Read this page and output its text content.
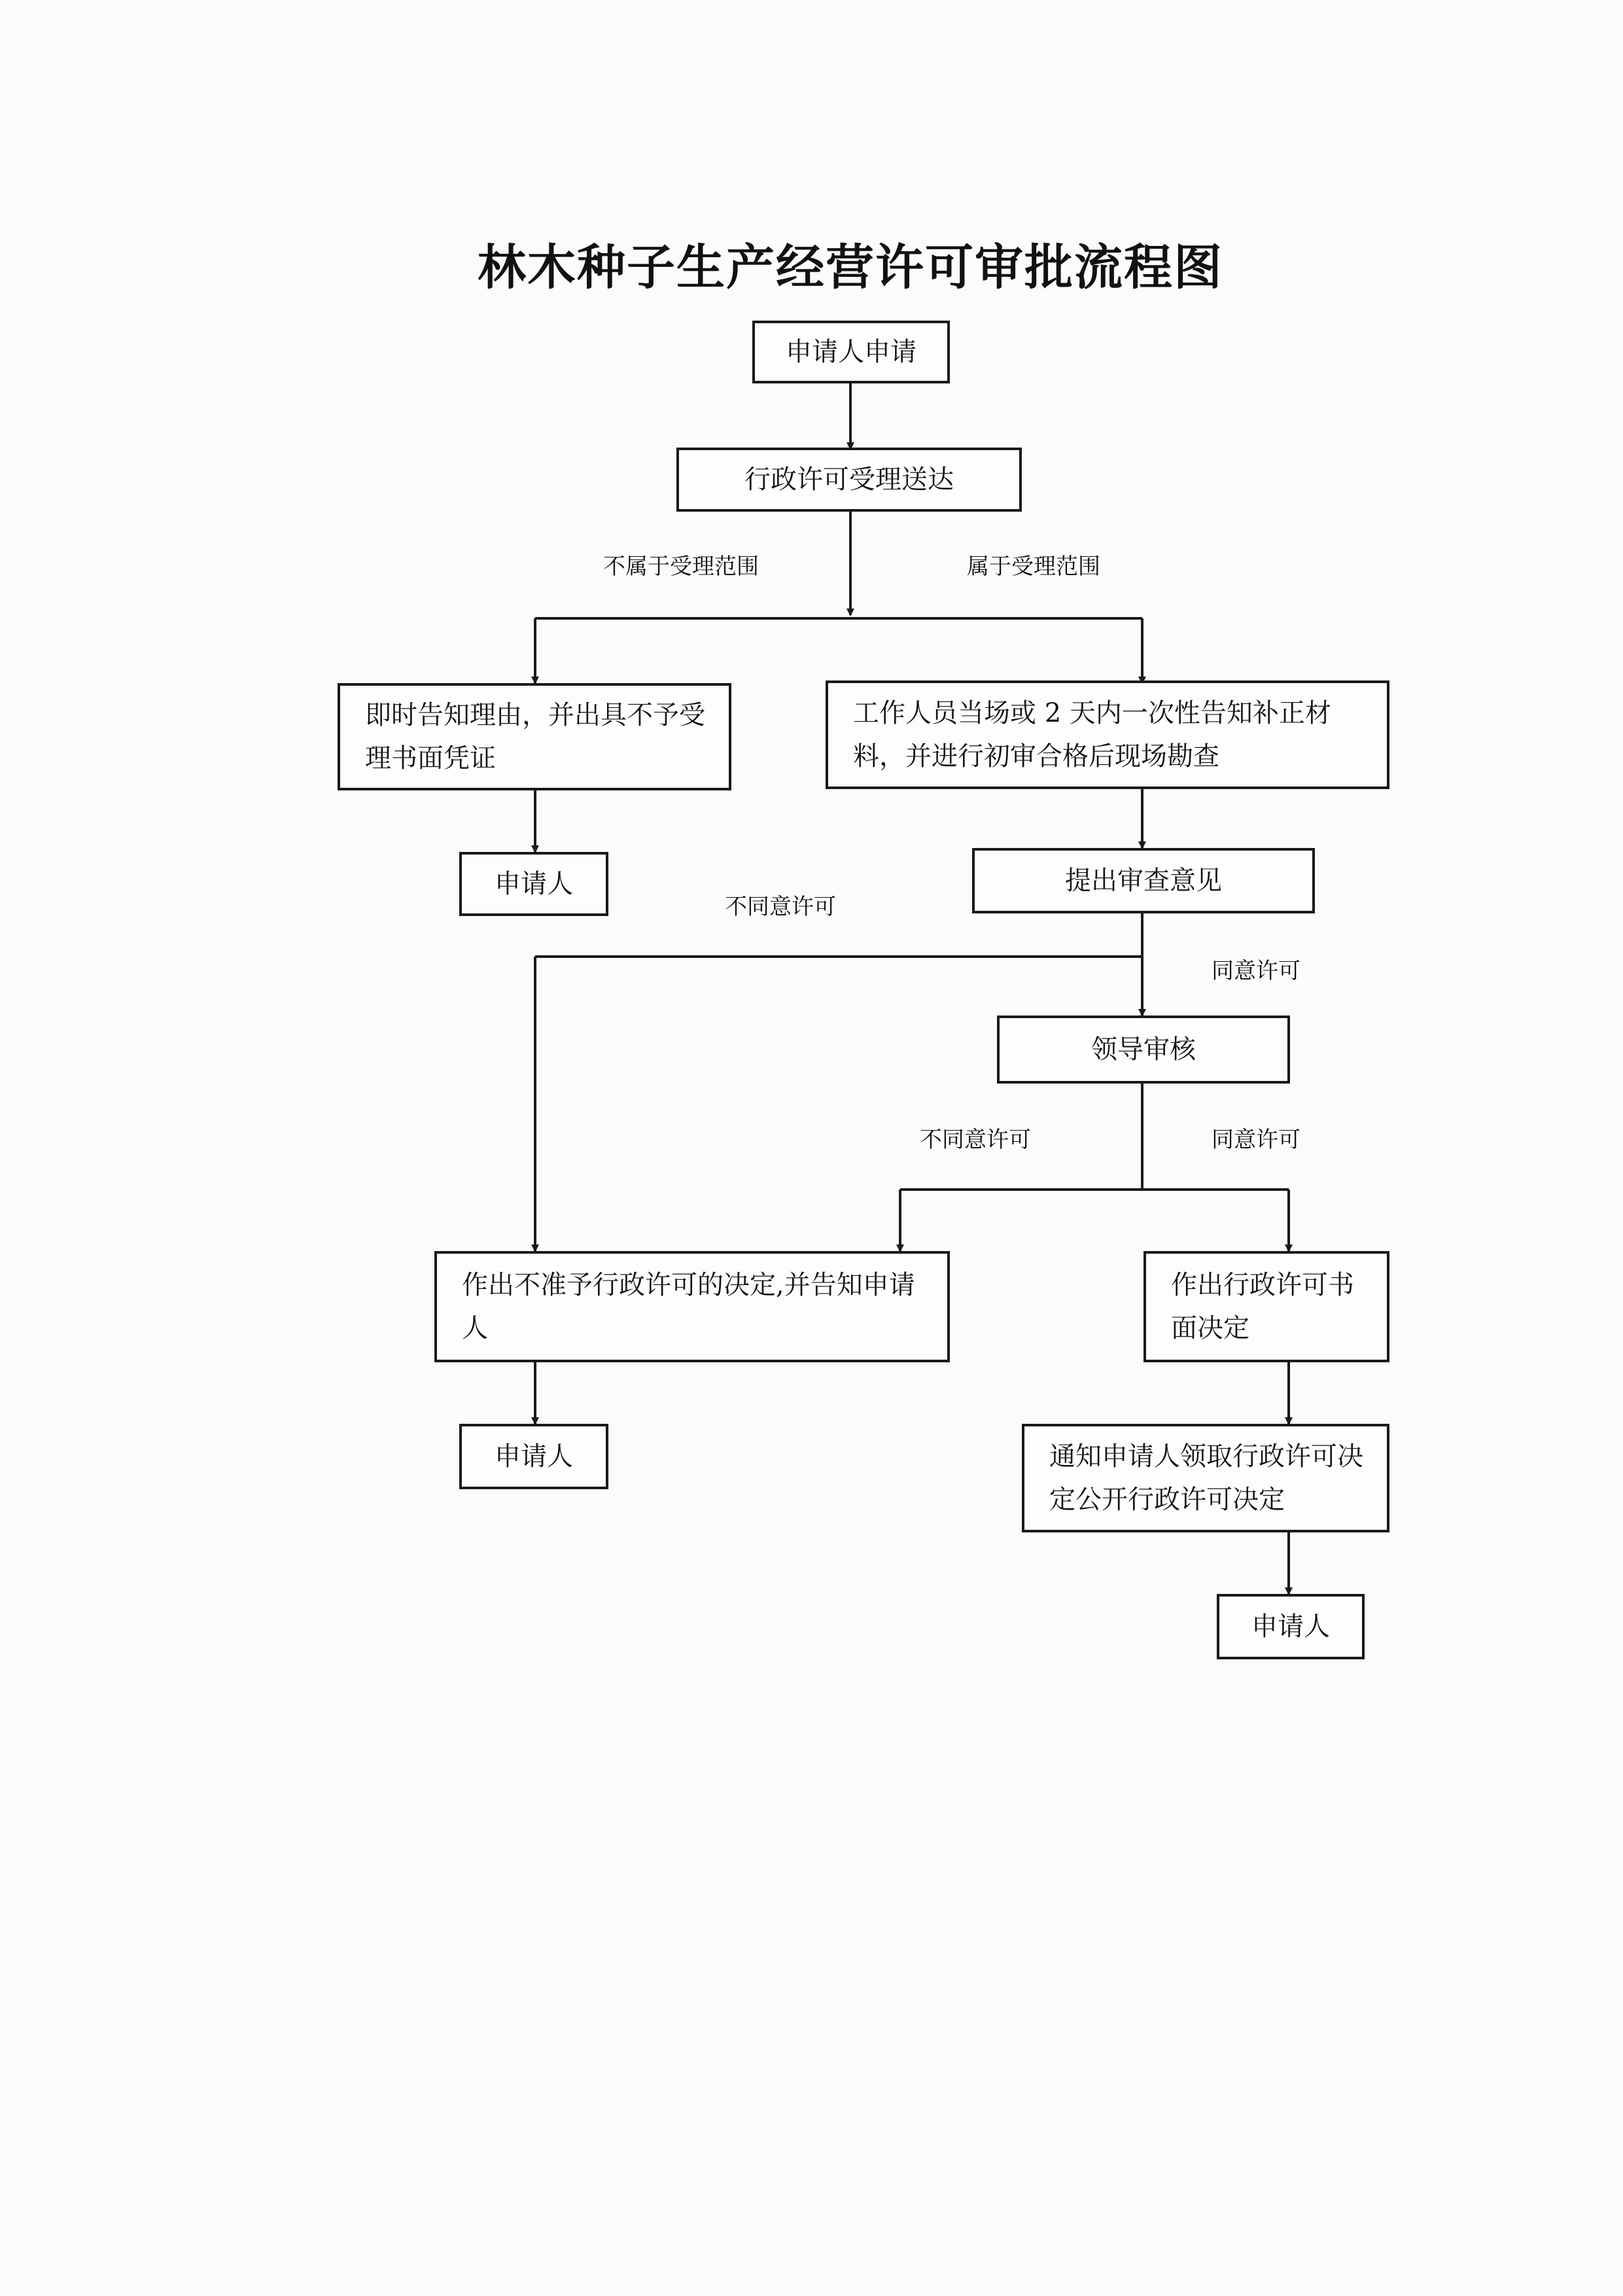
林木种子生产经营许可审批流程图
申请人申请
行政许可受理送达
即时告知理由，并出具不予受理书面凭证
工作人员当场或 2 天内一次性告知补正材料，并进行初审合格后现场勘查
申请人	提出审查意见
领导审核
作出不准予行政许可的决定,并告知申请人
作出行政许可书面决定
申请人	通知申请人领取行政许可决定公开行政许可决定
申请人
不属于受理范围	属于受理范围
不同意许可
同意许可
不同意许可	同意许可
